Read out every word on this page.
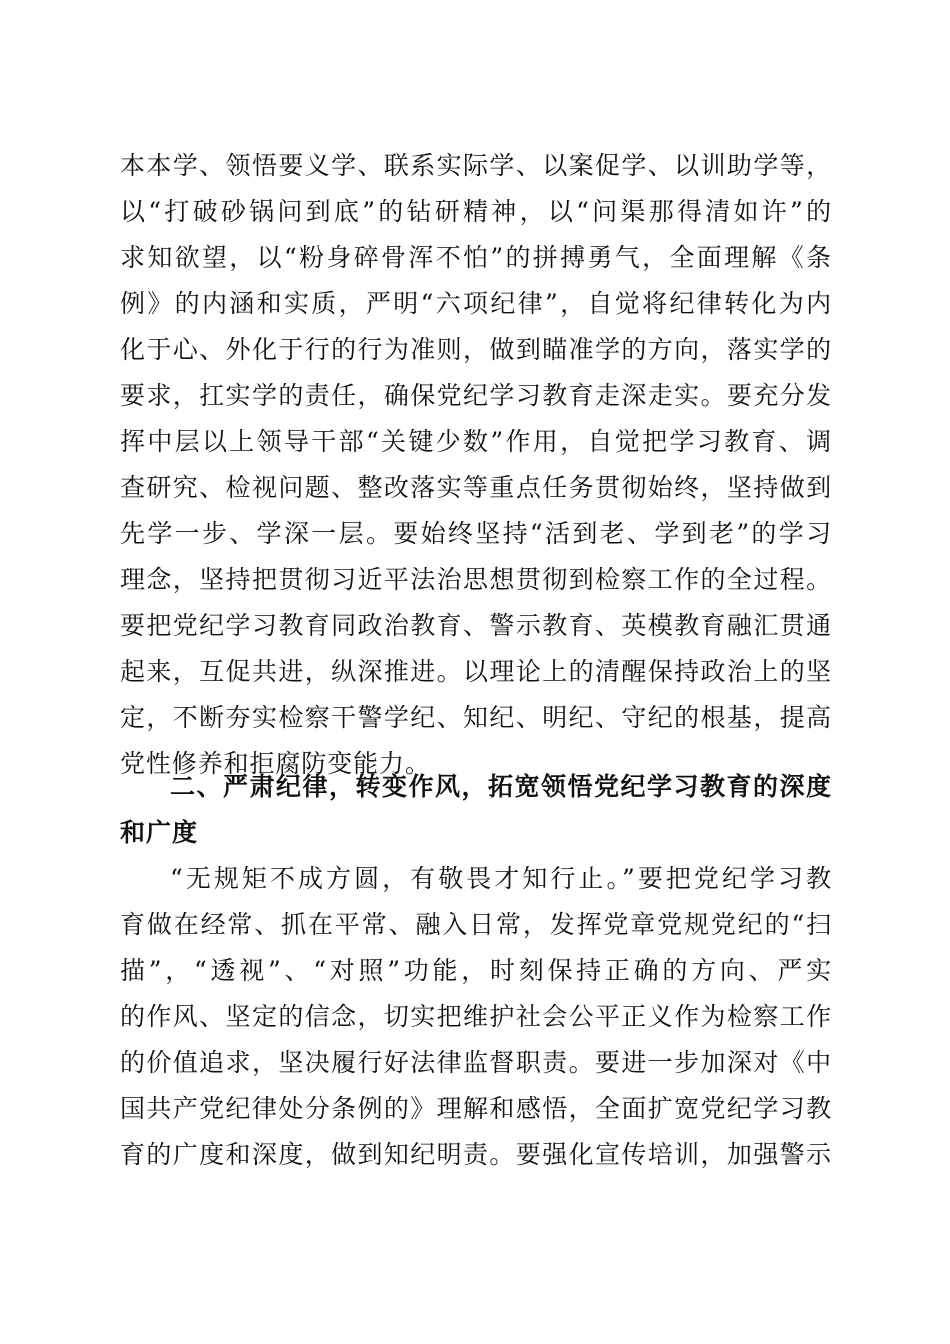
本本学、领悟要义学、联系实际学、以案促学、以训助学等，
以“打破砂锅问到底”的钻研精神，以“问渠那得清如许”的
求知欲望，以“粉身碎骨浑不怕”的拼搏勇气，全面理解《条
例》的内涵和实质，严明“六项纪律”，自觉将纪律转化为内
化于心、外化于行的行为准则，做到瞄准学的方向，落实学的
要求，扛实学的责任，确保党纪学习教育走深走实。要充分发
挥中层以上领导干部“关键少数”作用，自觉把学习教育、调
查研究、检视问题、整改落实等重点任务贯彻始终，坚持做到
先学一步、学深一层。要始终坚持“活到老、学到老”的学习
理念，坚持把贯彻习近平法治思想贯彻到检察工作的全过程。
要把党纪学习教育同政治教育、警示教育、英模教育融汇贯通
起来，互促共进，纵深推进。以理论上的清醒保持政治上的坚
定，不断夯实检察干警学纪、知纪、明纪、守纪的根基，提高
党性修养和拒腐防变能力。
二、严肃纪律，转变作风，拓宽领悟党纪学习教育的深度
和广度
“无规矩不成方圆，有敬畏才知行止。”要把党纪学习教
育做在经常、抓在平常、融入日常，发挥党章党规党纪的“扫
描”，“透视”、“对照”功能，时刻保持正确的方向、严实
的作风、坚定的信念，切实把维护社会公平正义作为检察工作
的价值追求，坚决履行好法律监督职责。要进一步加深对《中
国共产党纪律处分条例的》理解和感悟，全面扩宽党纪学习教
育的广度和深度，做到知纪明责。要强化宣传培训，加强警示
